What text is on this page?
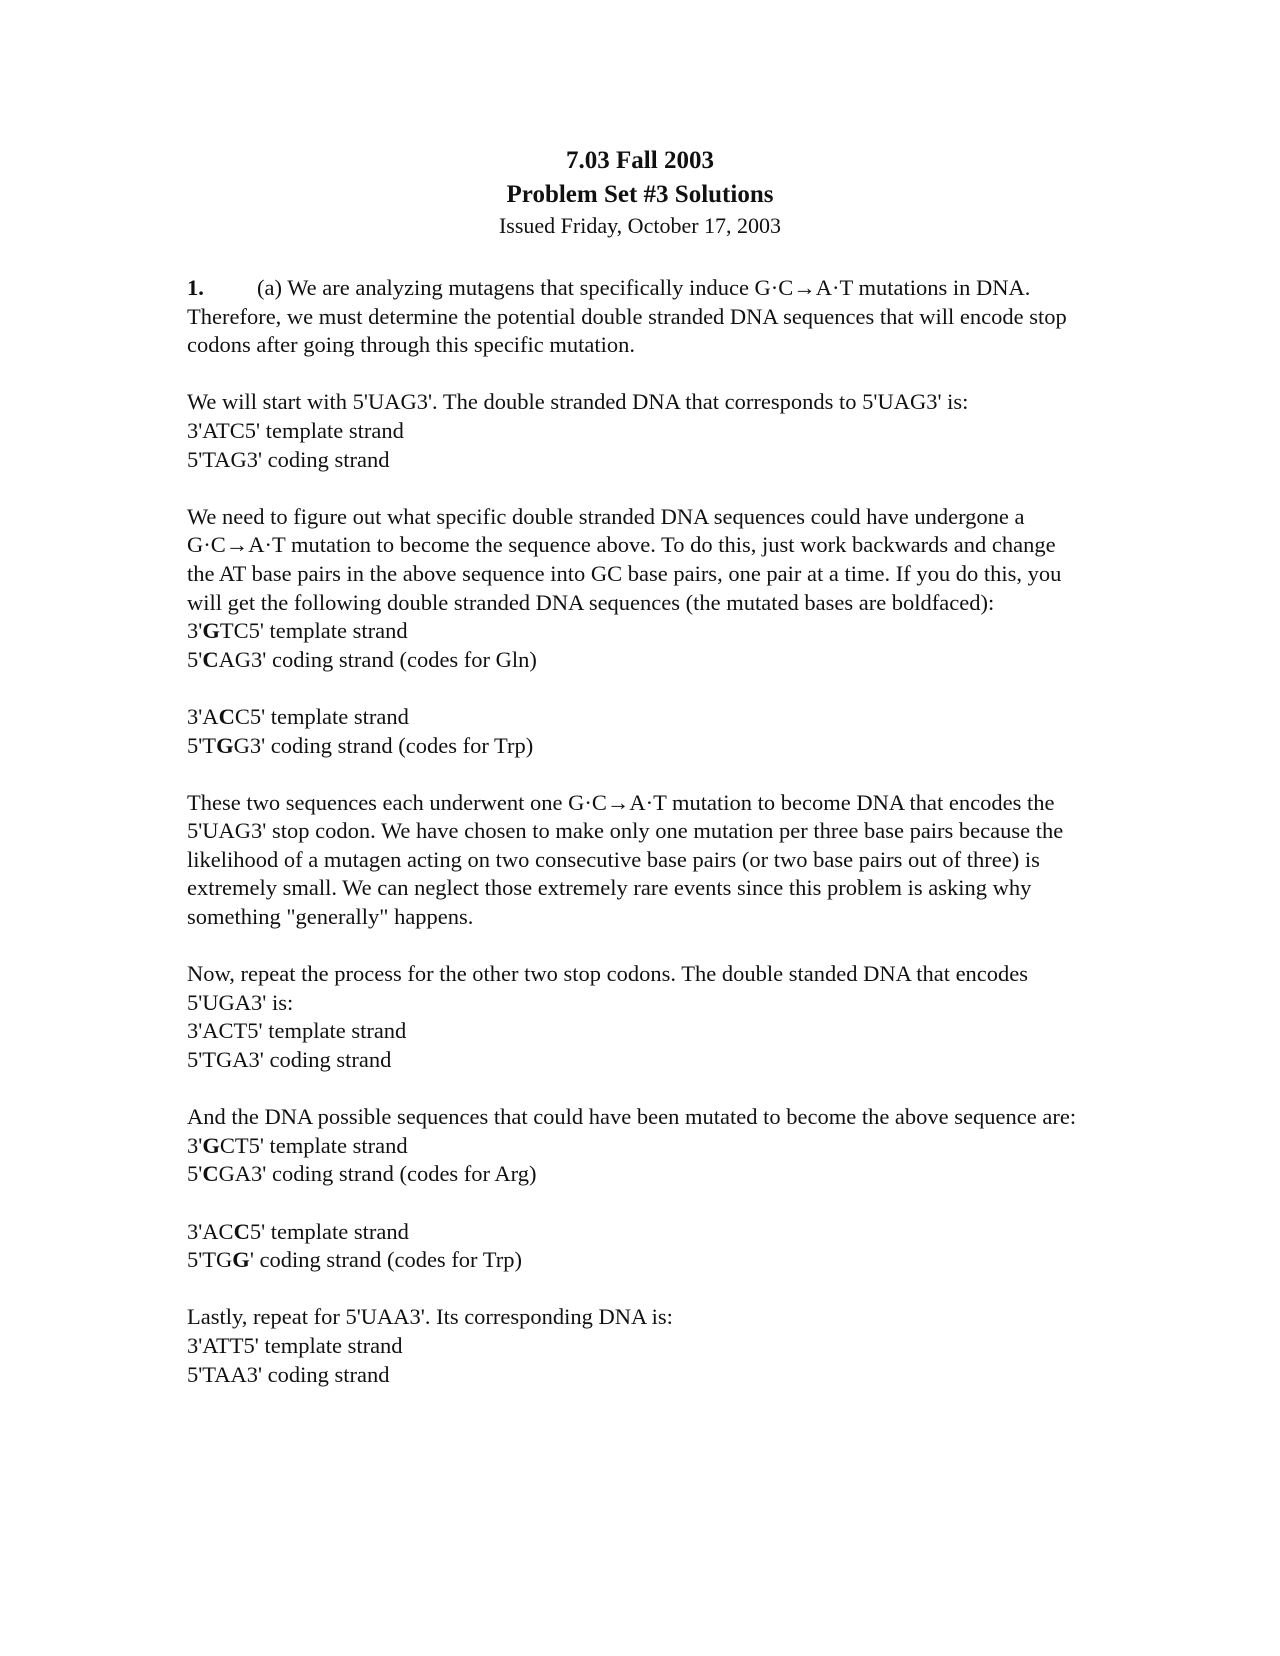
7.03 Fall 2003

Problem Set #3 Solutions

Issued Friday, October 17, 2003

1. (a) We are analyzing mutagens that specifically induce G·C→A·T mutations in DNA. Therefore, we must determine the potential double stranded DNA sequences that will encode stop codons after going through this specific mutation.

We will start with 5'UAG3'. The double stranded DNA that corresponds to 5'UAG3' is:

3'ATC5' template strand

5'TAG3' coding strand

We need to figure out what specific double stranded DNA sequences could have undergone a G·C→A·T mutation to become the sequence above. To do this, just work backwards and change the AT base pairs in the above sequence into GC base pairs, one pair at a time. If you do this, you will get the following double stranded DNA sequences (the mutated bases are boldfaced):

3'GTC5' template strand

5'CAG3' coding strand (codes for Gln)

3'ACC5' template strand

5'TGG3' coding strand (codes for Trp)

These two sequences each underwent one G·C→A·T mutation to become DNA that encodes the 5'UAG3' stop codon. We have chosen to make only one mutation per three base pairs because the likelihood of a mutagen acting on two consecutive base pairs (or two base pairs out of three) is extremely small. We can neglect those extremely rare events since this problem is asking why something "generally" happens.

Now, repeat the process for the other two stop codons. The double standed DNA that encodes 5'UGA3' is:

3'ACT5' template strand

5'TGA3' coding strand

And the DNA possible sequences that could have been mutated to become the above sequence are:

3'GCT5' template strand

5'CGA3' coding strand (codes for Arg)

3'ACC5' template strand

5'TGG' coding strand (codes for Trp)

Lastly, repeat for 5'UAA3'. Its corresponding DNA is:

3'ATT5' template strand

5'TAA3' coding strand
